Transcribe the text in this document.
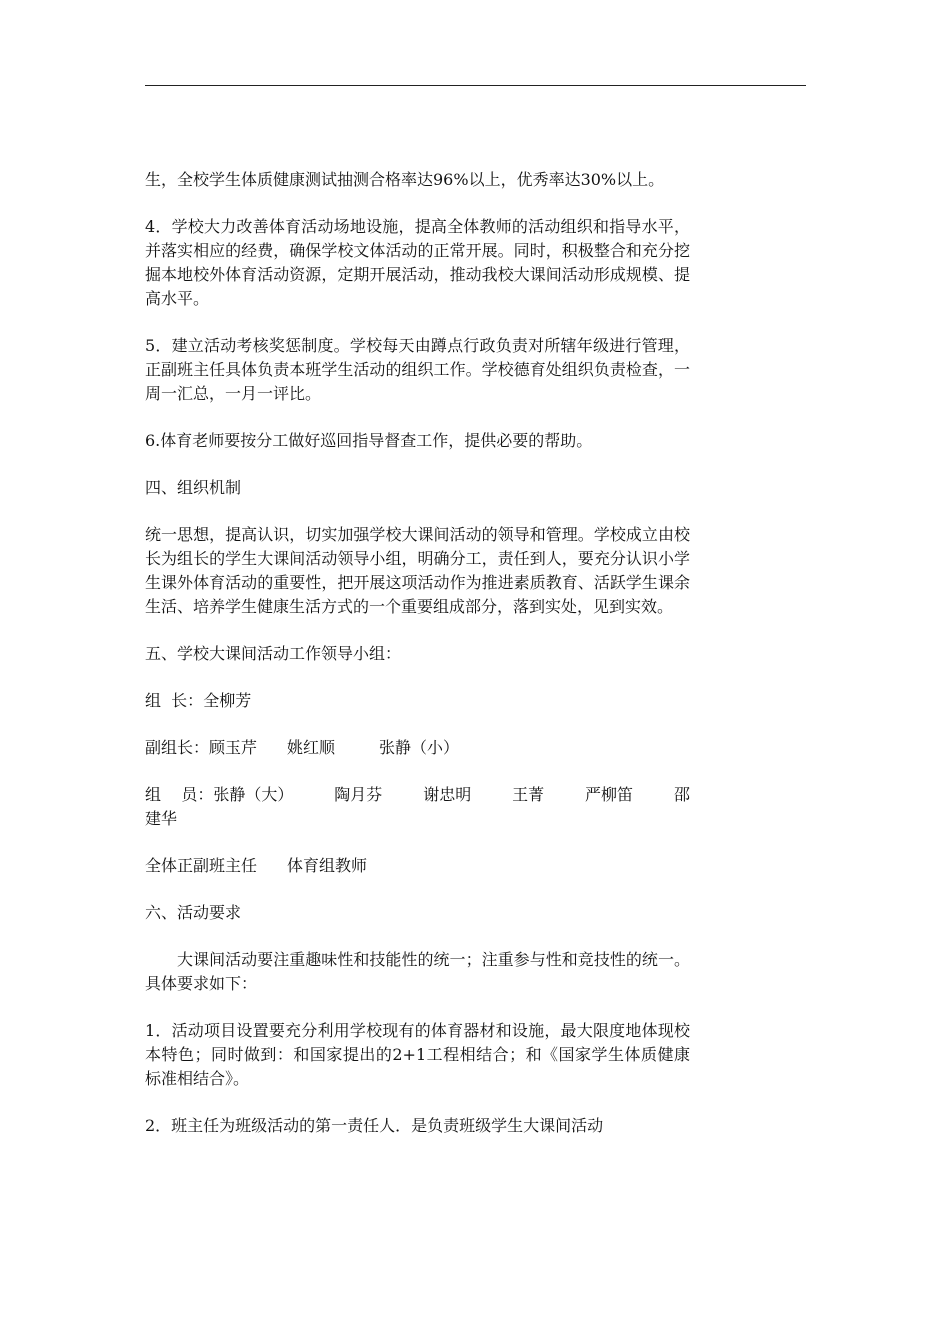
生，全校学生体质健康测试抽测合格率达96%以上，优秀率达30%以上。

4．学校大力改善体育活动场地设施，提高全体教师的活动组织和指导水平，并落实相应的经费，确保学校文体活动的正常开展。同时，积极整合和充分挖掘本地校外体育活动资源，定期开展活动，推动我校大课间活动形成规模、提高水平。

5．建立活动考核奖惩制度。学校每天由蹲点行政负责对所辖年级进行管理，正副班主任具体负责本班学生活动的组织工作。学校德育处组织负责检查，一周一汇总，一月一评比。

6.体育老师要按分工做好巡回指导督查工作，提供必要的帮助。

四、组织机制

统一思想，提高认识，切实加强学校大课间活动的领导和管理。学校成立由校长为组长的学生大课间活动领导小组，明确分工，责任到人，要充分认识小学生课外体育活动的重要性，把开展这项活动作为推进素质教育、活跃学生课余生活、培养学生健康生活方式的一个重要组成部分，落到实处，见到实效。

五、学校大课间活动工作领导小组：

组  长： 全柳芳
副组长： 顾玉芹 姚红顺	张静（小）
组    员：张静（大）	陶月芬	谢忠明	王菁	严柳笛	邵
建华
全体正副班主任 体育组教师

六、活动要求

大课间活动要注重趣味性和技能性的统一；注重参与性和竞技性的统一。具体要求如下：

1．活动项目设置要充分利用学校现有的体育器材和设施，最大限度地体现校本特色；同时做到：和国家提出的2+1工程相结合；和《国家学生体质健康标准相结合》。

2．班主任为班级活动的第一责任人．是负责班级学生大课间活动
